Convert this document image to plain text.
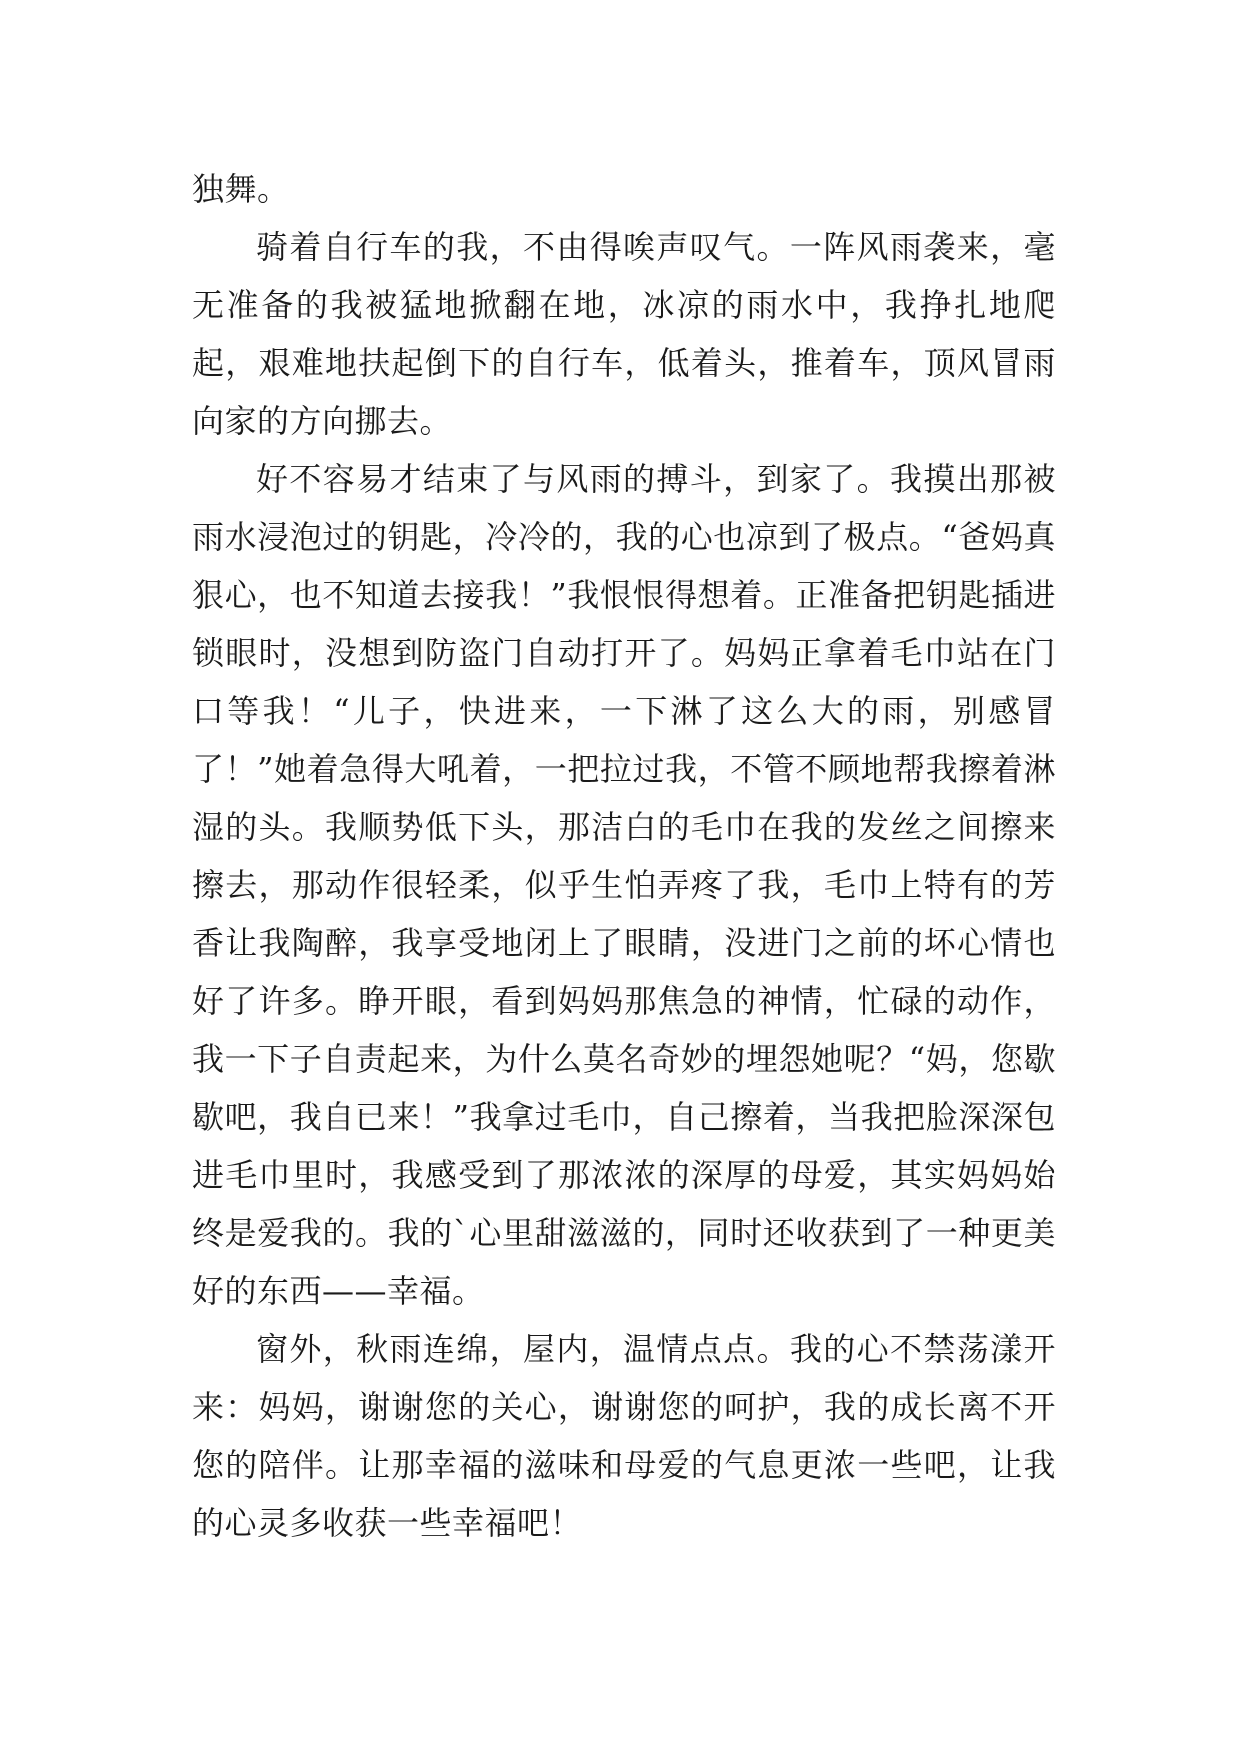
独舞。

骑着自行车的我，不由得唉声叹气。一阵风雨袭来，毫无准备的我被猛地掀翻在地，冰凉的雨水中，我挣扎地爬起，艰难地扶起倒下的自行车，低着头，推着车，顶风冒雨向家的方向挪去。

好不容易才结束了与风雨的搏斗，到家了。我摸出那被雨水浸泡过的钥匙，冷冷的，我的心也凉到了极点。“爸妈真狠心，也不知道去接我！”我恨恨得想着。正准备把钥匙插进锁眼时，没想到防盗门自动打开了。妈妈正拿着毛巾站在门口等我！“儿子，快进来，一下淋了这么大的雨，别感冒了！”她着急得大吼着，一把拉过我，不管不顾地帮我擦着淋湿的头。我顺势低下头，那洁白的毛巾在我的发丝之间擦来擦去，那动作很轻柔，似乎生怕弄疼了我，毛巾上特有的芳香让我陶醉，我享受地闭上了眼睛，没进门之前的坏心情也好了许多。睁开眼，看到妈妈那焦急的神情，忙碌的动作，我一下子自责起来，为什么莫名奇妙的埋怨她呢？“妈，您歇歇吧，我自已来！”我拿过毛巾，自己擦着，当我把脸深深包进毛巾里时，我感受到了那浓浓的深厚的母爱，其实妈妈始终是爱我的。我的`心里甜滋滋的，同时还收获到了一种更美好的东西——幸福。

窗外，秋雨连绵，屋内，温情点点。我的心不禁荡漾开来：妈妈，谢谢您的关心，谢谢您的呵护，我的成长离不开您的陪伴。让那幸福的滋味和母爱的气息更浓一些吧，让我的心灵多收获一些幸福吧！
